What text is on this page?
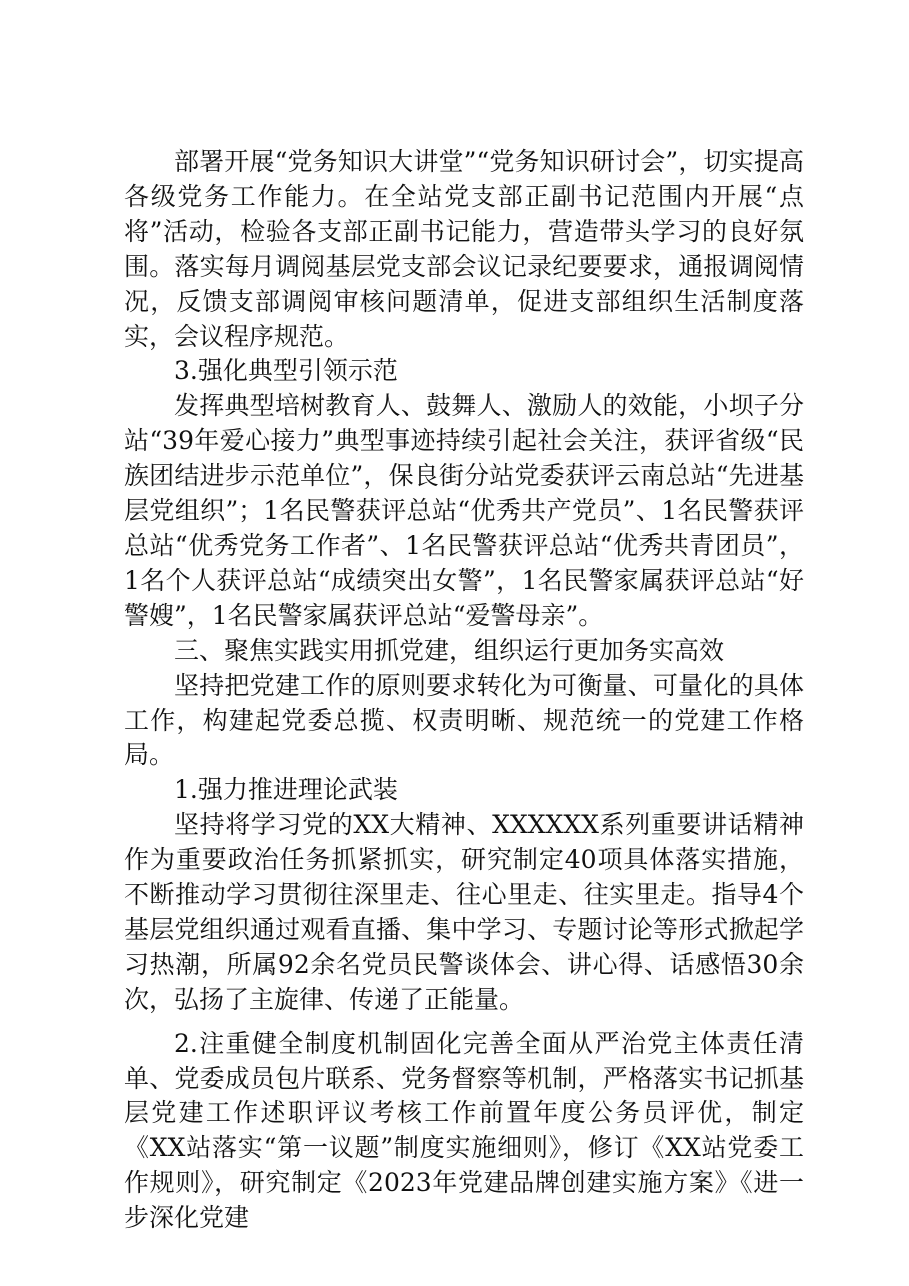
部署开展“党务知识大讲堂”“党务知识研讨会”，切实提高各级党务工作能力。在全站党支部正副书记范围内开展“点将”活动，检验各支部正副书记能力，营造带头学习的良好氛围。落实每月调阅基层党支部会议记录纪要要求，通报调阅情况，反馈支部调阅审核问题清单，促进支部组织生活制度落实，会议程序规范。

3.强化典型引领示范

发挥典型培树教育人、鼓舞人、激励人的效能，小坝子分站“39年爱心接力”典型事迹持续引起社会关注，获评省级“民族团结进步示范单位”，保良街分站党委获评云南总站“先进基层党组织”；1名民警获评总站“优秀共产党员”、1名民警获评总站“优秀党务工作者”、1名民警获评总站“优秀共青团员”，1名个人获评总站“成绩突出女警”，1名民警家属获评总站“好警嫂”，1名民警家属获评总站“爱警母亲”。

三、聚焦实践实用抓党建，组织运行更加务实高效

坚持把党建工作的原则要求转化为可衡量、可量化的具体工作，构建起党委总揽、权责明晰、规范统一的党建工作格局。

1.强力推进理论武装

坚持将学习党的XX大精神、XXXXXX系列重要讲话精神作为重要政治任务抓紧抓实，研究制定40项具体落实措施，不断推动学习贯彻往深里走、往心里走、往实里走。指导4个基层党组织通过观看直播、集中学习、专题讨论等形式掀起学习热潮，所属92余名党员民警谈体会、讲心得、话感悟30余次，弘扬了主旋律、传递了正能量。

2.注重健全制度机制固化完善全面从严治党主体责任清单、党委成员包片联系、党务督察等机制，严格落实书记抓基层党建工作述职评议考核工作前置年度公务员评优，制定《XX站落实“第一议题”制度实施细则》，修订《XX站党委工作规则》，研究制定《2023年党建品牌创建实施方案》《进一步深化党建
